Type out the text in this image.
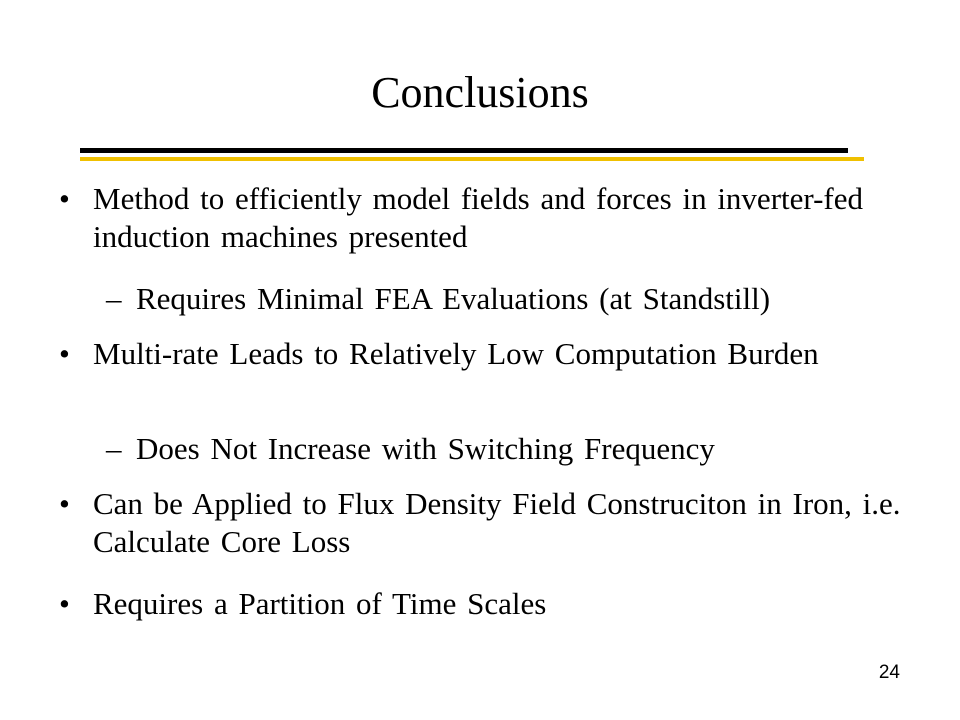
Conclusions
• Method to efficiently model fields and forces in inverter-fed induction machines presented
– Requires Minimal FEA Evaluations (at Standstill)
• Multi-rate Leads to Relatively Low Computation Burden
– Does Not Increase with Switching Frequency
• Can be Applied to Flux Density Field Construciton in Iron, i.e. Calculate Core Loss
• Requires a Partition of Time Scales
24
